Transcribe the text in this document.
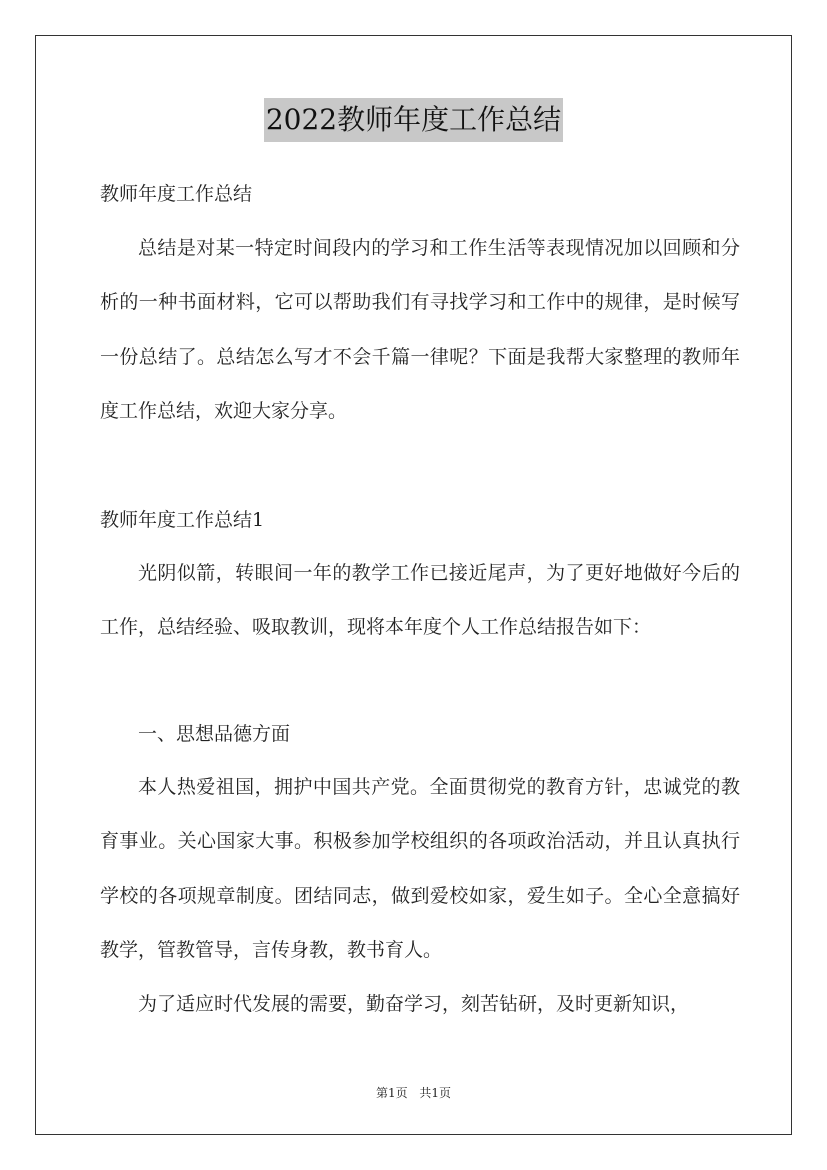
2022教师年度工作总结
教师年度工作总结
总结是对某一特定时间段内的学习和工作生活等表现情况加以回顾和分析的一种书面材料，它可以帮助我们有寻找学习和工作中的规律，是时候写一份总结了。总结怎么写才不会千篇一律呢？下面是我帮大家整理的教师年度工作总结，欢迎大家分享。
教师年度工作总结1
光阴似箭，转眼间一年的教学工作已接近尾声，为了更好地做好今后的工作，总结经验、吸取教训，现将本年度个人工作总结报告如下：
一、思想品德方面
本人热爱祖国，拥护中国共产党。全面贯彻党的教育方针，忠诚党的教育事业。关心国家大事。积极参加学校组织的各项政治活动，并且认真执行学校的各项规章制度。团结同志，做到爱校如家，爱生如子。全心全意搞好教学，管教管导，言传身教，教书育人。
为了适应时代发展的需要，勤奋学习，刻苦钻研，及时更新知识，
第1页 共1页
